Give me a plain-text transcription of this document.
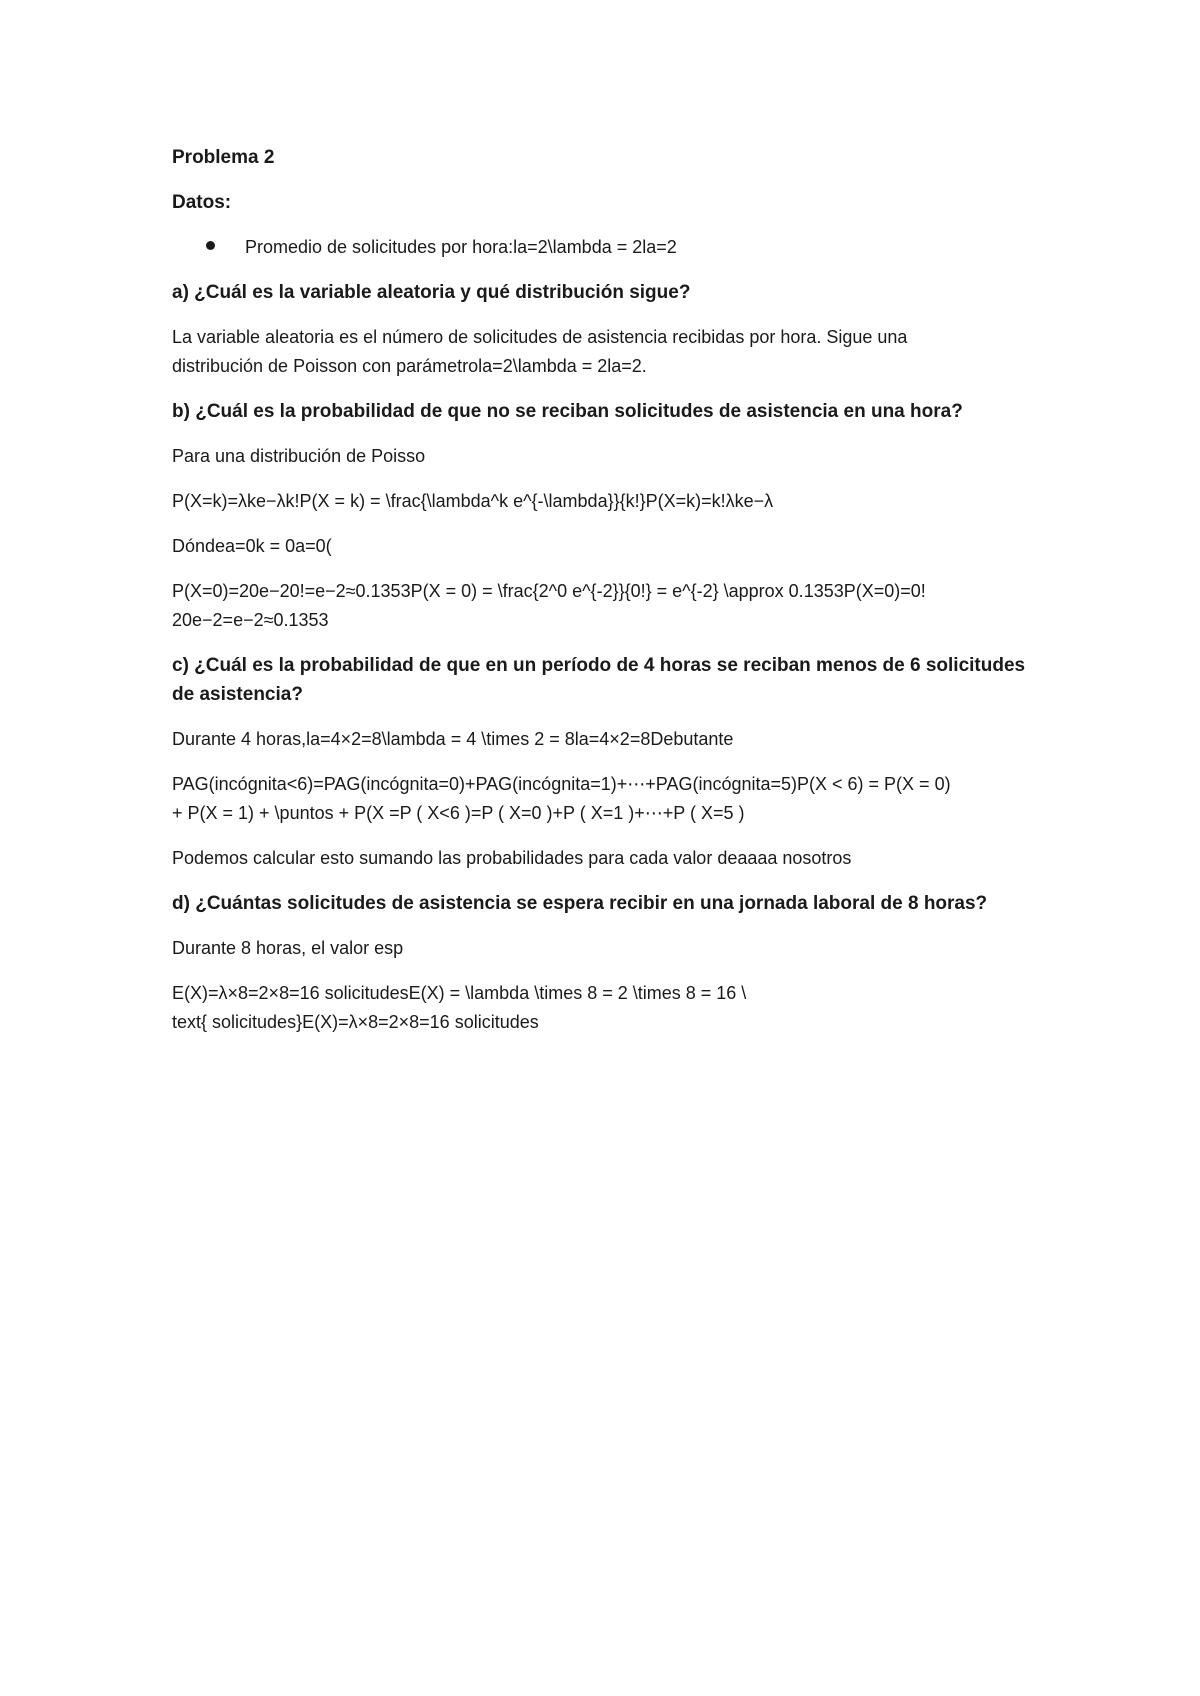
Problema 2

Datos:

Promedio de solicitudes por hora:la=2\lambda = 2la=2

a) ¿Cuál es la variable aleatoria y qué distribución sigue?

La variable aleatoria es el número de solicitudes de asistencia recibidas por hora. Sigue una

distribución de Poisson con parámetrola=2\lambda = 2la=2.

b) ¿Cuál es la probabilidad de que no se reciban solicitudes de asistencia en una hora?

Para una distribución de Poisso

P(X=k)=λke−λk!P(X = k) = \frac{\lambda^k e^{-\lambda}}{k!}P(X=k)=k!λke−λ

Dóndea=0k = 0a=0(

P(X=0)=20e−20!=e−2≈0.1353P(X = 0) = \frac{2^0 e^{-2}}{0!} = e^{-2} \approx 0.1353P(X=0)=0!

20e−2=e−2≈0.1353

c) ¿Cuál es la probabilidad de que en un período de 4 horas se reciban menos de 6 solicitudes

de asistencia?

Durante 4 horas,la=4×2=8\lambda = 4 \times 2 = 8la=4×2=8Debutante

PAG(incógnita<6)=PAG(incógnita=0)+PAG(incógnita=1)+⋯+PAG(incógnita=5)P(X < 6) = P(X = 0)

+ P(X = 1) + \puntos + P(X =P ( X<6 )=P ( X=0 )+P ( X=1 )+⋯+P ( X=5 )

Podemos calcular esto sumando las probabilidades para cada valor deaaaa nosotros

d) ¿Cuántas solicitudes de asistencia se espera recibir en una jornada laboral de 8 horas?

Durante 8 horas, el valor esp

E(X)=λ×8=2×8=16 solicitudesE(X) = \lambda \times 8 = 2 \times 8 = 16 \

text{ solicitudes}E(X)=λ×8=2×8=16 solicitudes
